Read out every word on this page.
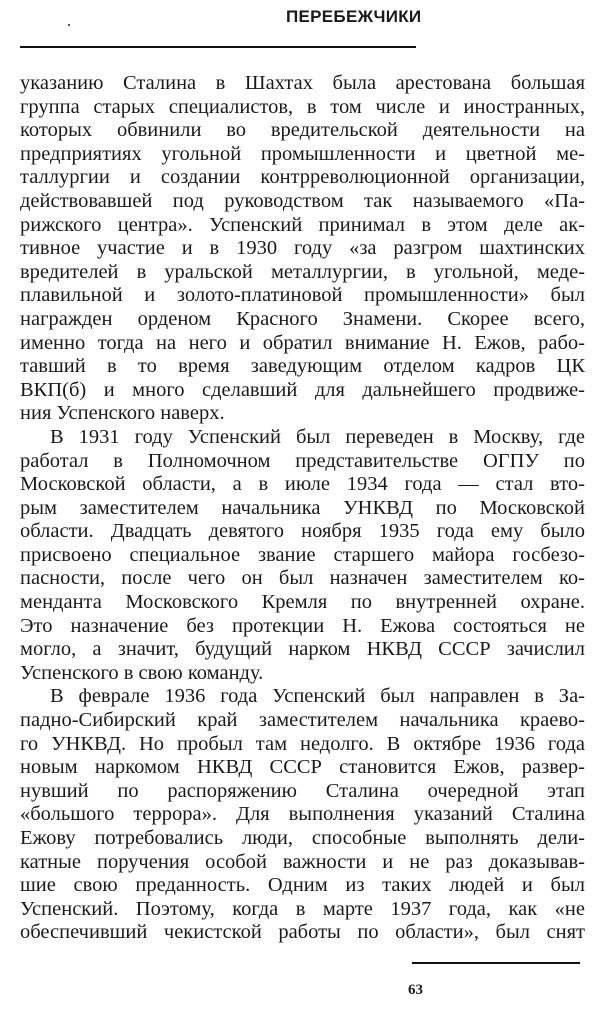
ПЕРЕБЕЖЧИКИ
указанию Сталина в Шахтах была арестована большая
группа старых специалистов, в том числе и иностранных,
которых обвинили во вредительской деятельности на
предприятиях угольной промышленности и цветной ме-
таллургии и создании контрреволюционной организации,
действовавшей под руководством так называемого «Па-
рижского центра». Успенский принимал в этом деле ак-
тивное участие и в 1930 году «за разгром шахтинских
вредителей в уральской металлургии, в угольной, меде-
плавильной и золото-платиновой промышленности» был
награжден орденом Красного Знамени. Скорее всего,
именно тогда на него и обратил внимание Н. Ежов, рабо-
тавший в то время заведующим отделом кадров ЦК
ВКП(б) и много сделавший для дальнейшего продвиже-
ния Успенского наверх.
В 1931 году Успенский был переведен в Москву, где
работал в Полномочном представительстве ОГПУ по
Московской области, а в июле 1934 года — стал вто-
рым заместителем начальника УНКВД по Московской
области. Двадцать девятого ноября 1935 года ему было
присвоено специальное звание старшего майора госбезо-
пасности, после чего он был назначен заместителем ко-
менданта Московского Кремля по внутренней охране.
Это назначение без протекции Н. Ежова состояться не
могло, а значит, будущий нарком НКВД СССР зачислил
Успенского в свою команду.
В феврале 1936 года Успенский был направлен в За-
падно-Сибирский край заместителем начальника краево-
го УНКВД. Но пробыл там недолго. В октябре 1936 года
новым наркомом НКВД СССР становится Ежов, развер-
нувший по распоряжению Сталина очередной этап
«большого террора». Для выполнения указаний Сталина
Ежову потребовались люди, способные выполнять дели-
катные поручения особой важности и не раз доказывав-
шие свою преданность. Одним из таких людей и был
Успенский. Поэтому, когда в марте 1937 года, как «не
обеспечивший чекистской работы по области», был снят
63
